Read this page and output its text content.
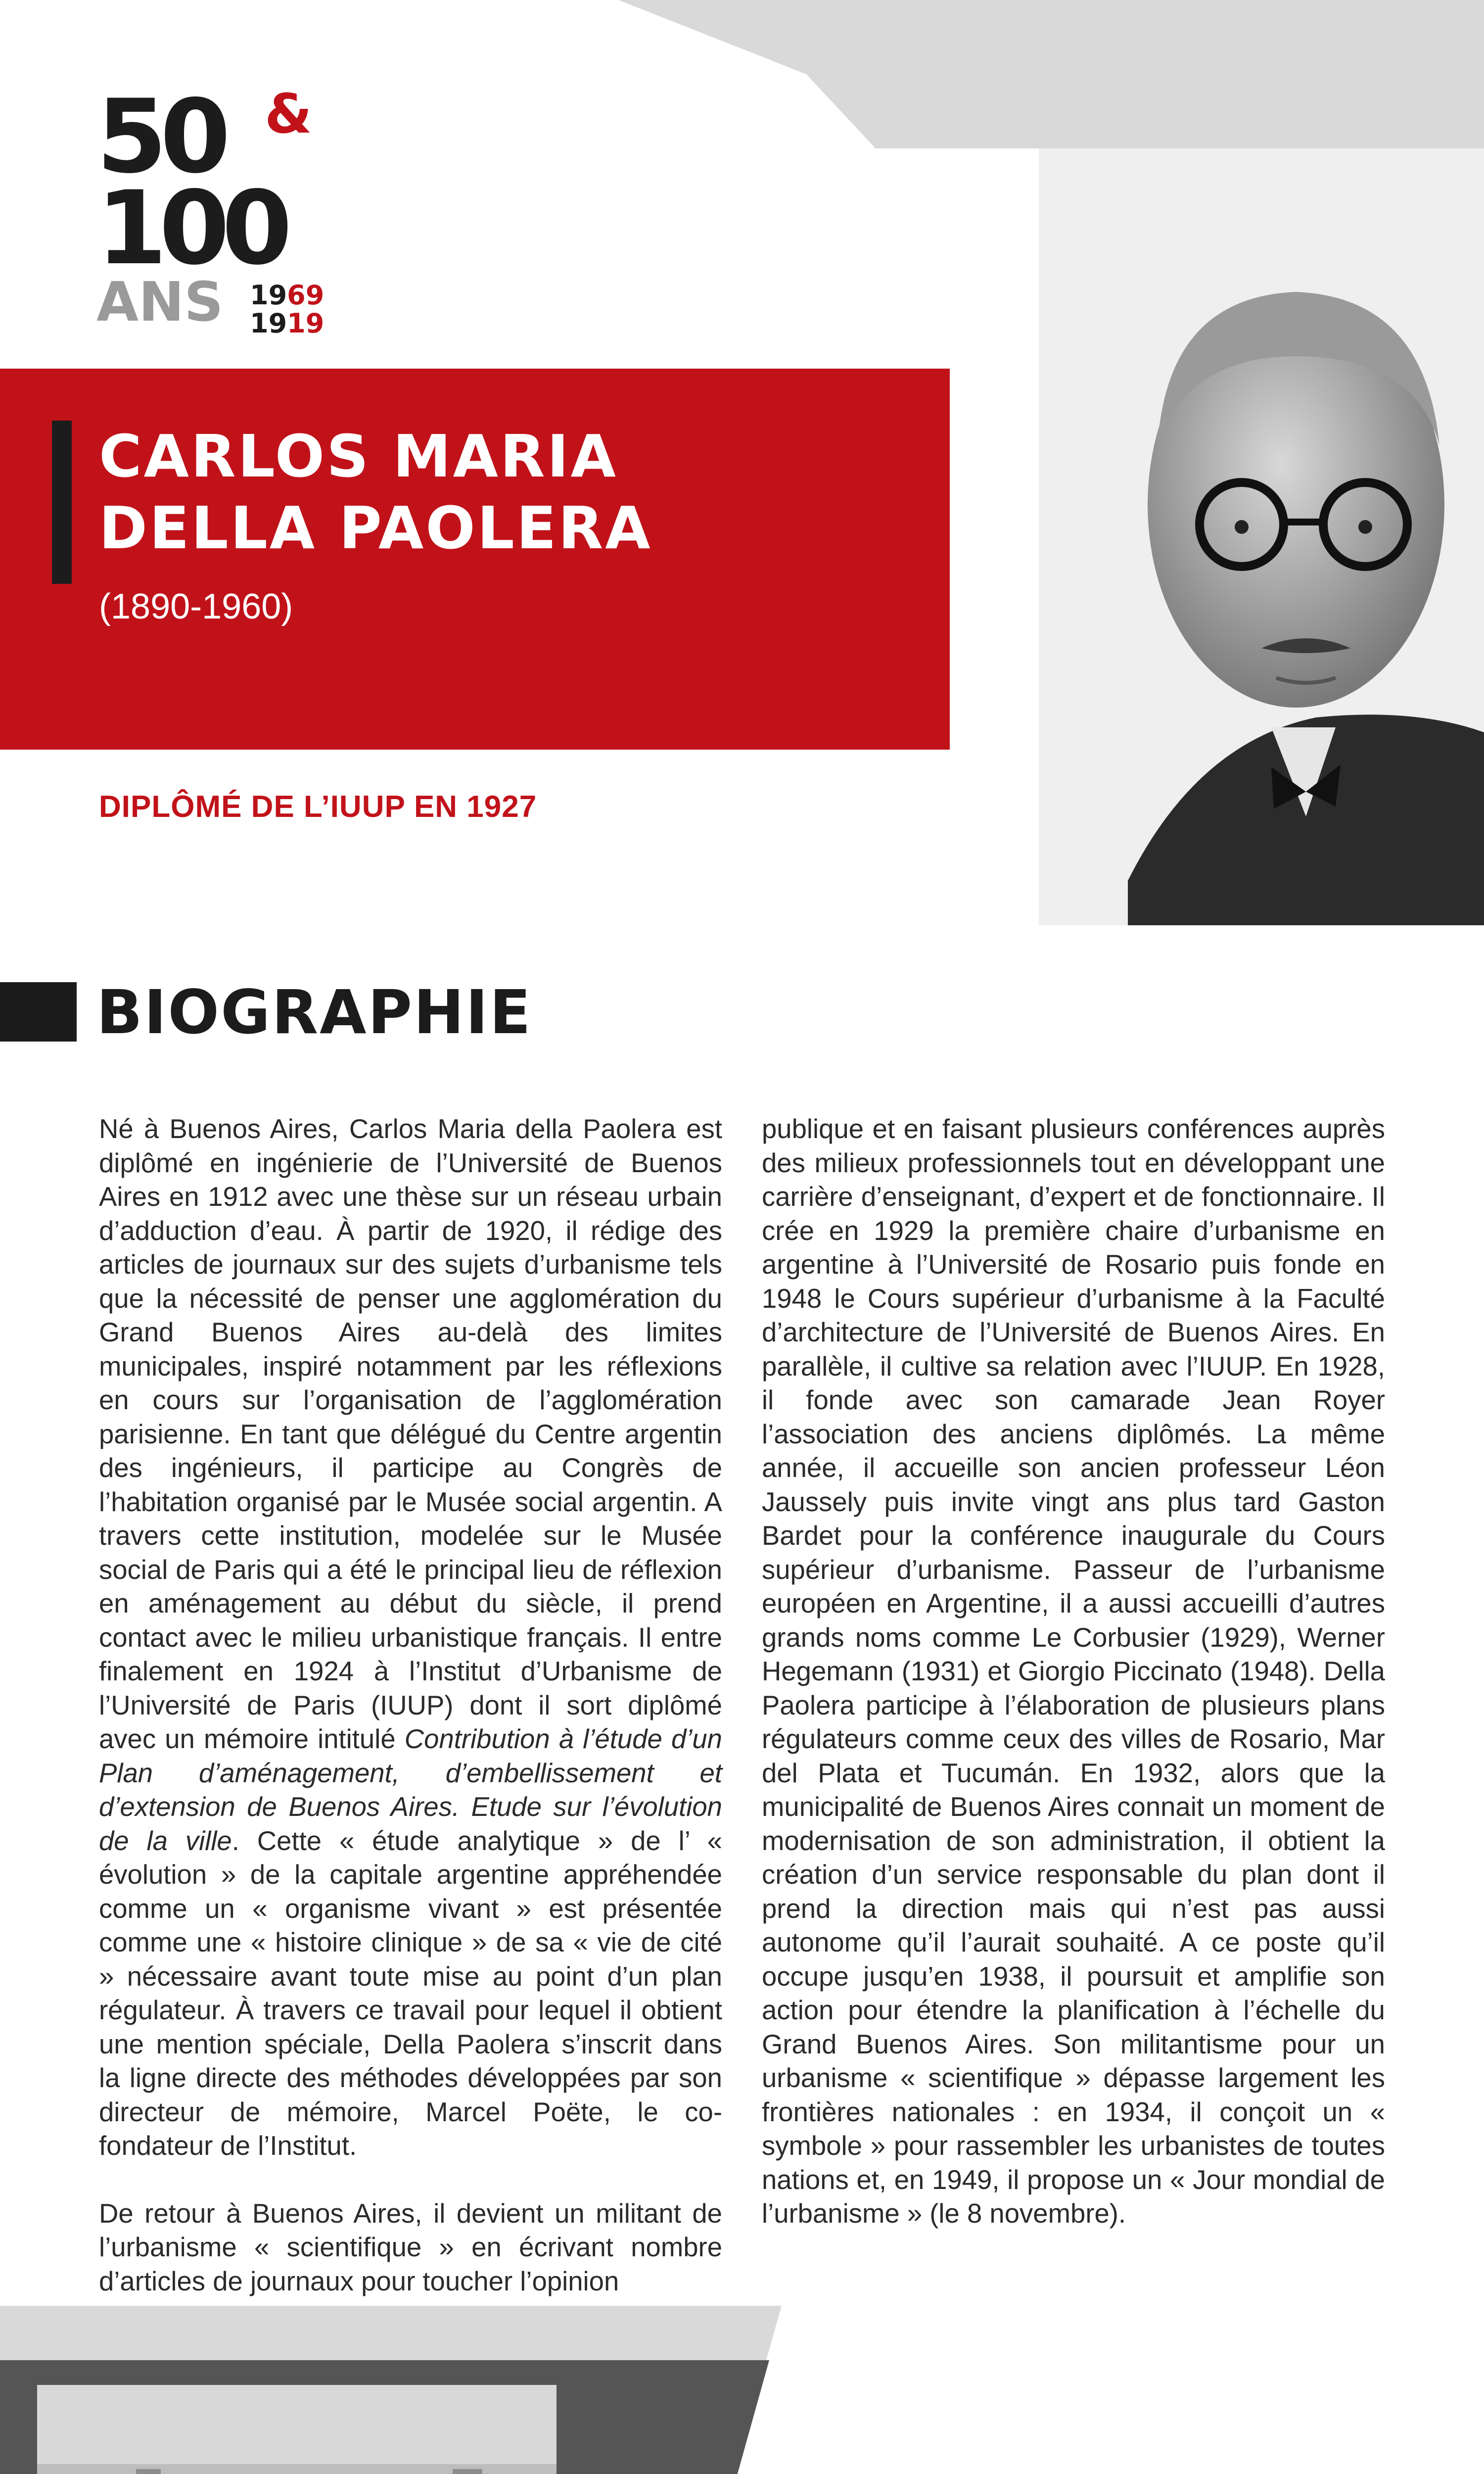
50 &
100
ANS 1969
1919
CARLOS MARIA
DELLA PAOLERA
(1890-1960)
DIPLÔMÉ DE L’IUUP EN 1927
BIOGRAPHIE

Né à Buenos Aires, Carlos Maria della Paolera est diplômé en ingénierie de l’Université de Buenos Aires en 1912 avec une thèse sur un réseau urbain d’adduction d’eau. À partir de 1920, il rédige des articles de journaux sur des sujets d’urbanisme tels que la nécessité de penser une agglomération du Grand Buenos Aires au-delà des limites municipales, inspiré notamment par les réflexions en cours sur l’organisation de l’agglomération parisienne. En tant que délégué du Centre argentin des ingénieurs, il participe au Congrès de l’habitation organisé par le Musée social argentin. A travers cette institution, modelée sur le Musée social de Paris qui a été le principal lieu de réflexion en aménagement au début du siècle, il prend contact avec le milieu urbanistique français. Il entre finalement en 1924 à l’Institut d’Urbanisme de l’Université de Paris (IUUP) dont il sort diplômé avec un mémoire intitulé Contribution à l’étude d’un Plan d’aménagement, d’embellissement et d’extension de Buenos Aires. Etude sur l’évolution de la ville. Cette « étude analytique » de l’ « évolution » de la capitale argentine appréhendée comme un « organisme vivant » est présentée comme une « histoire clinique » de sa « vie de cité » nécessaire avant toute mise au point d’un plan régulateur. À travers ce travail pour lequel il obtient une mention spéciale, Della Paolera s’inscrit dans la ligne directe des méthodes développées par son directeur de mémoire, Marcel Poëte, le co-fondateur de l’Institut.

De retour à Buenos Aires, il devient un militant de l’urbanisme « scientifique » en écrivant nombre d’articles de journaux pour toucher l’opinion

publique et en faisant plusieurs conférences auprès des milieux professionnels tout en développant une carrière d’enseignant, d’expert et de fonctionnaire. Il crée en 1929 la première chaire d’urbanisme en argentine à l’Université de Rosario puis fonde en 1948 le Cours supérieur d’urbanisme à la Faculté d’architecture de l’Université de Buenos Aires. En parallèle, il cultive sa relation avec l’IUUP. En 1928, il fonde avec son camarade Jean Royer l’association des anciens diplômés. La même année, il accueille son ancien professeur Léon Jaussely puis invite vingt ans plus tard Gaston Bardet pour la conférence inaugurale du Cours supérieur d’urbanisme. Passeur de l’urbanisme européen en Argentine, il a aussi accueilli d’autres grands noms comme Le Corbusier (1929), Werner Hegemann (1931) et Giorgio Piccinato (1948). Della Paolera participe à l’élaboration de plusieurs plans régulateurs comme ceux des villes de Rosario, Mar del Plata et Tucumán. En 1932, alors que la municipalité de Buenos Aires connait un moment de modernisation de son administration, il obtient la création d’un service responsable du plan dont il prend la direction mais qui n’est pas aussi autonome qu’il l’aurait souhaité. A ce poste qu’il occupe jusqu’en 1938, il poursuit et amplifie son action pour étendre la planification à l’échelle du Grand Buenos Aires. Son militantisme pour un urbanisme « scientifique » dépasse largement les frontières nationales : en 1934, il conçoit un « symbole » pour rassembler les urbanistes de toutes nations et, en 1949, il propose un « Jour mondial de l’urbanisme » (le 8 novembre).
